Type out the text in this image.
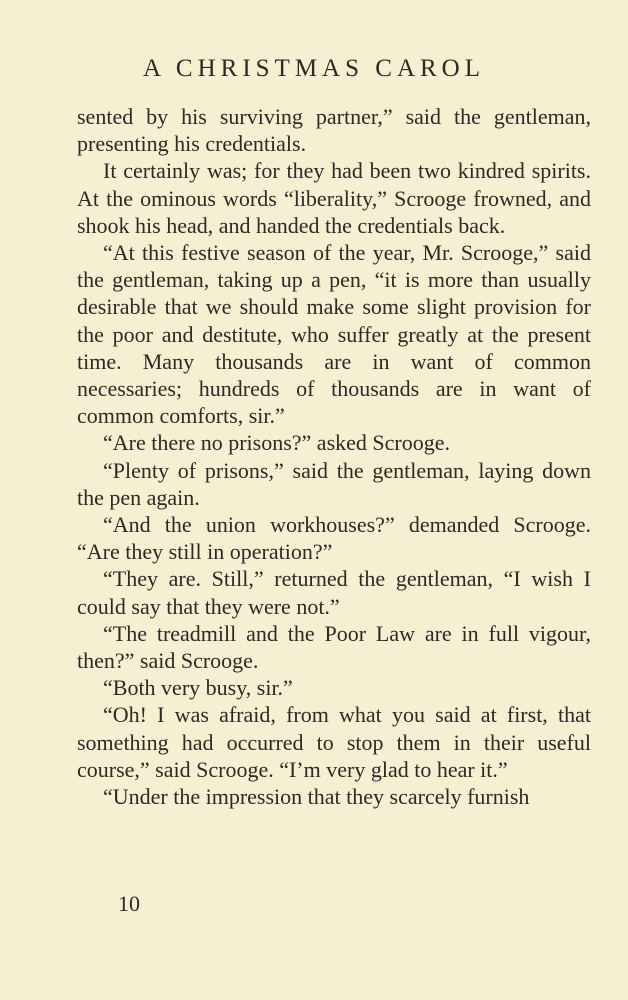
A CHRISTMAS CAROL

sented by his surviving partner,” said the gentleman, presenting his credentials.

It certainly was; for they had been two kindred spirits. At the ominous words “liberality,” Scrooge frowned, and shook his head, and handed the credentials back.

“At this festive season of the year, Mr. Scrooge,” said the gentleman, taking up a pen, “it is more than usually desirable that we should make some slight provision for the poor and destitute, who suffer greatly at the present time. Many thousands are in want of common necessaries; hundreds of thousands are in want of common comforts, sir.”

“Are there no prisons?” asked Scrooge.

“Plenty of prisons,” said the gentleman, laying down the pen again.

“And the union workhouses?” demanded Scrooge. “Are they still in operation?”

“They are. Still,” returned the gentleman, “I wish I could say that they were not.”

“The treadmill and the Poor Law are in full vigour, then?” said Scrooge.

“Both very busy, sir.”

“Oh! I was afraid, from what you said at first, that something had occurred to stop them in their useful course,” said Scrooge. “I’m very glad to hear it.”

“Under the impression that they scarcely furnish

10
